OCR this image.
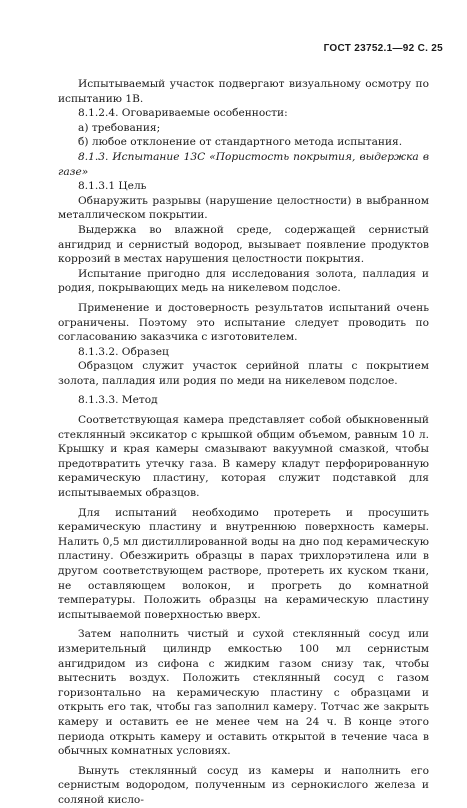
ГОСТ 23752.1—92 С. 25

Испытываемый участок подвергают визуальному осмотру по испытанию 1В.

8.1.2.4. Оговариваемые особенности:

а) требования;

б) любое отклонение от стандартного метода испытания.

8.1.3. Испытание 13С «Пористость покрытия, выдержка в газе»

8.1.3.1 Цель

Обнаружить разрывы (нарушение целостности) в выбранном металлическом покрытии.

Выдержка во влажной среде, содержащей сернистый ангидрид и сернистый водород, вызывает появление продуктов коррозий в местах нарушения целостности покрытия.

Испытание пригодно для исследования золота, палладия и родия, покрывающих медь на никелевом подслое.

Применение и достоверность результатов испытаний очень ограничены. Поэтому это испытание следует проводить по согласованию заказчика с изготовителем.

8.1.3.2. Образец

Образцом служит участок серийной платы с покрытием золота, палладия или родия по меди на никелевом подслое.

8.1.3.3. Метод

Соответствующая камера представляет собой обыкновенный стеклянный эксикатор с крышкой общим объемом, равным 10 л. Крышку и края камеры смазывают вакуумной смазкой, чтобы предотвратить утечку газа. В камеру кладут перфорированную керамическую пластину, которая служит подставкой для испытываемых образцов.

Для испытаний необходимо протереть и просушить керамическую пластину и внутреннюю поверхность камеры. Налить 0,5 мл дистиллированной воды на дно под керамическую пластину. Обезжирить образцы в парах трихлорэтилена или в другом соответствующем растворе, протереть их куском ткани, не оставляющем волокон, и прогреть до комнатной температуры. Положить образцы на керамическую пластину испытываемой поверхностью вверх.

Затем наполнить чистый и сухой стеклянный сосуд или измерительный цилиндр емкостью 100 мл сернистым ангидридом из сифона с жидким газом снизу так, чтобы вытеснить воздух. Положить стеклянный сосуд с газом горизонтально на керамическую пластину с образцами и открыть его так, чтобы газ заполнил камеру. Тотчас же закрыть камеру и оставить ее не менее чем на 24 ч. В конце этого периода открыть камеру и оставить открытой в течение часа в обычных комнатных условиях.

Вынуть стеклянный сосуд из камеры и наполнить его сернистым водородом, полученным из сернокислого железа и соляной кисло-
